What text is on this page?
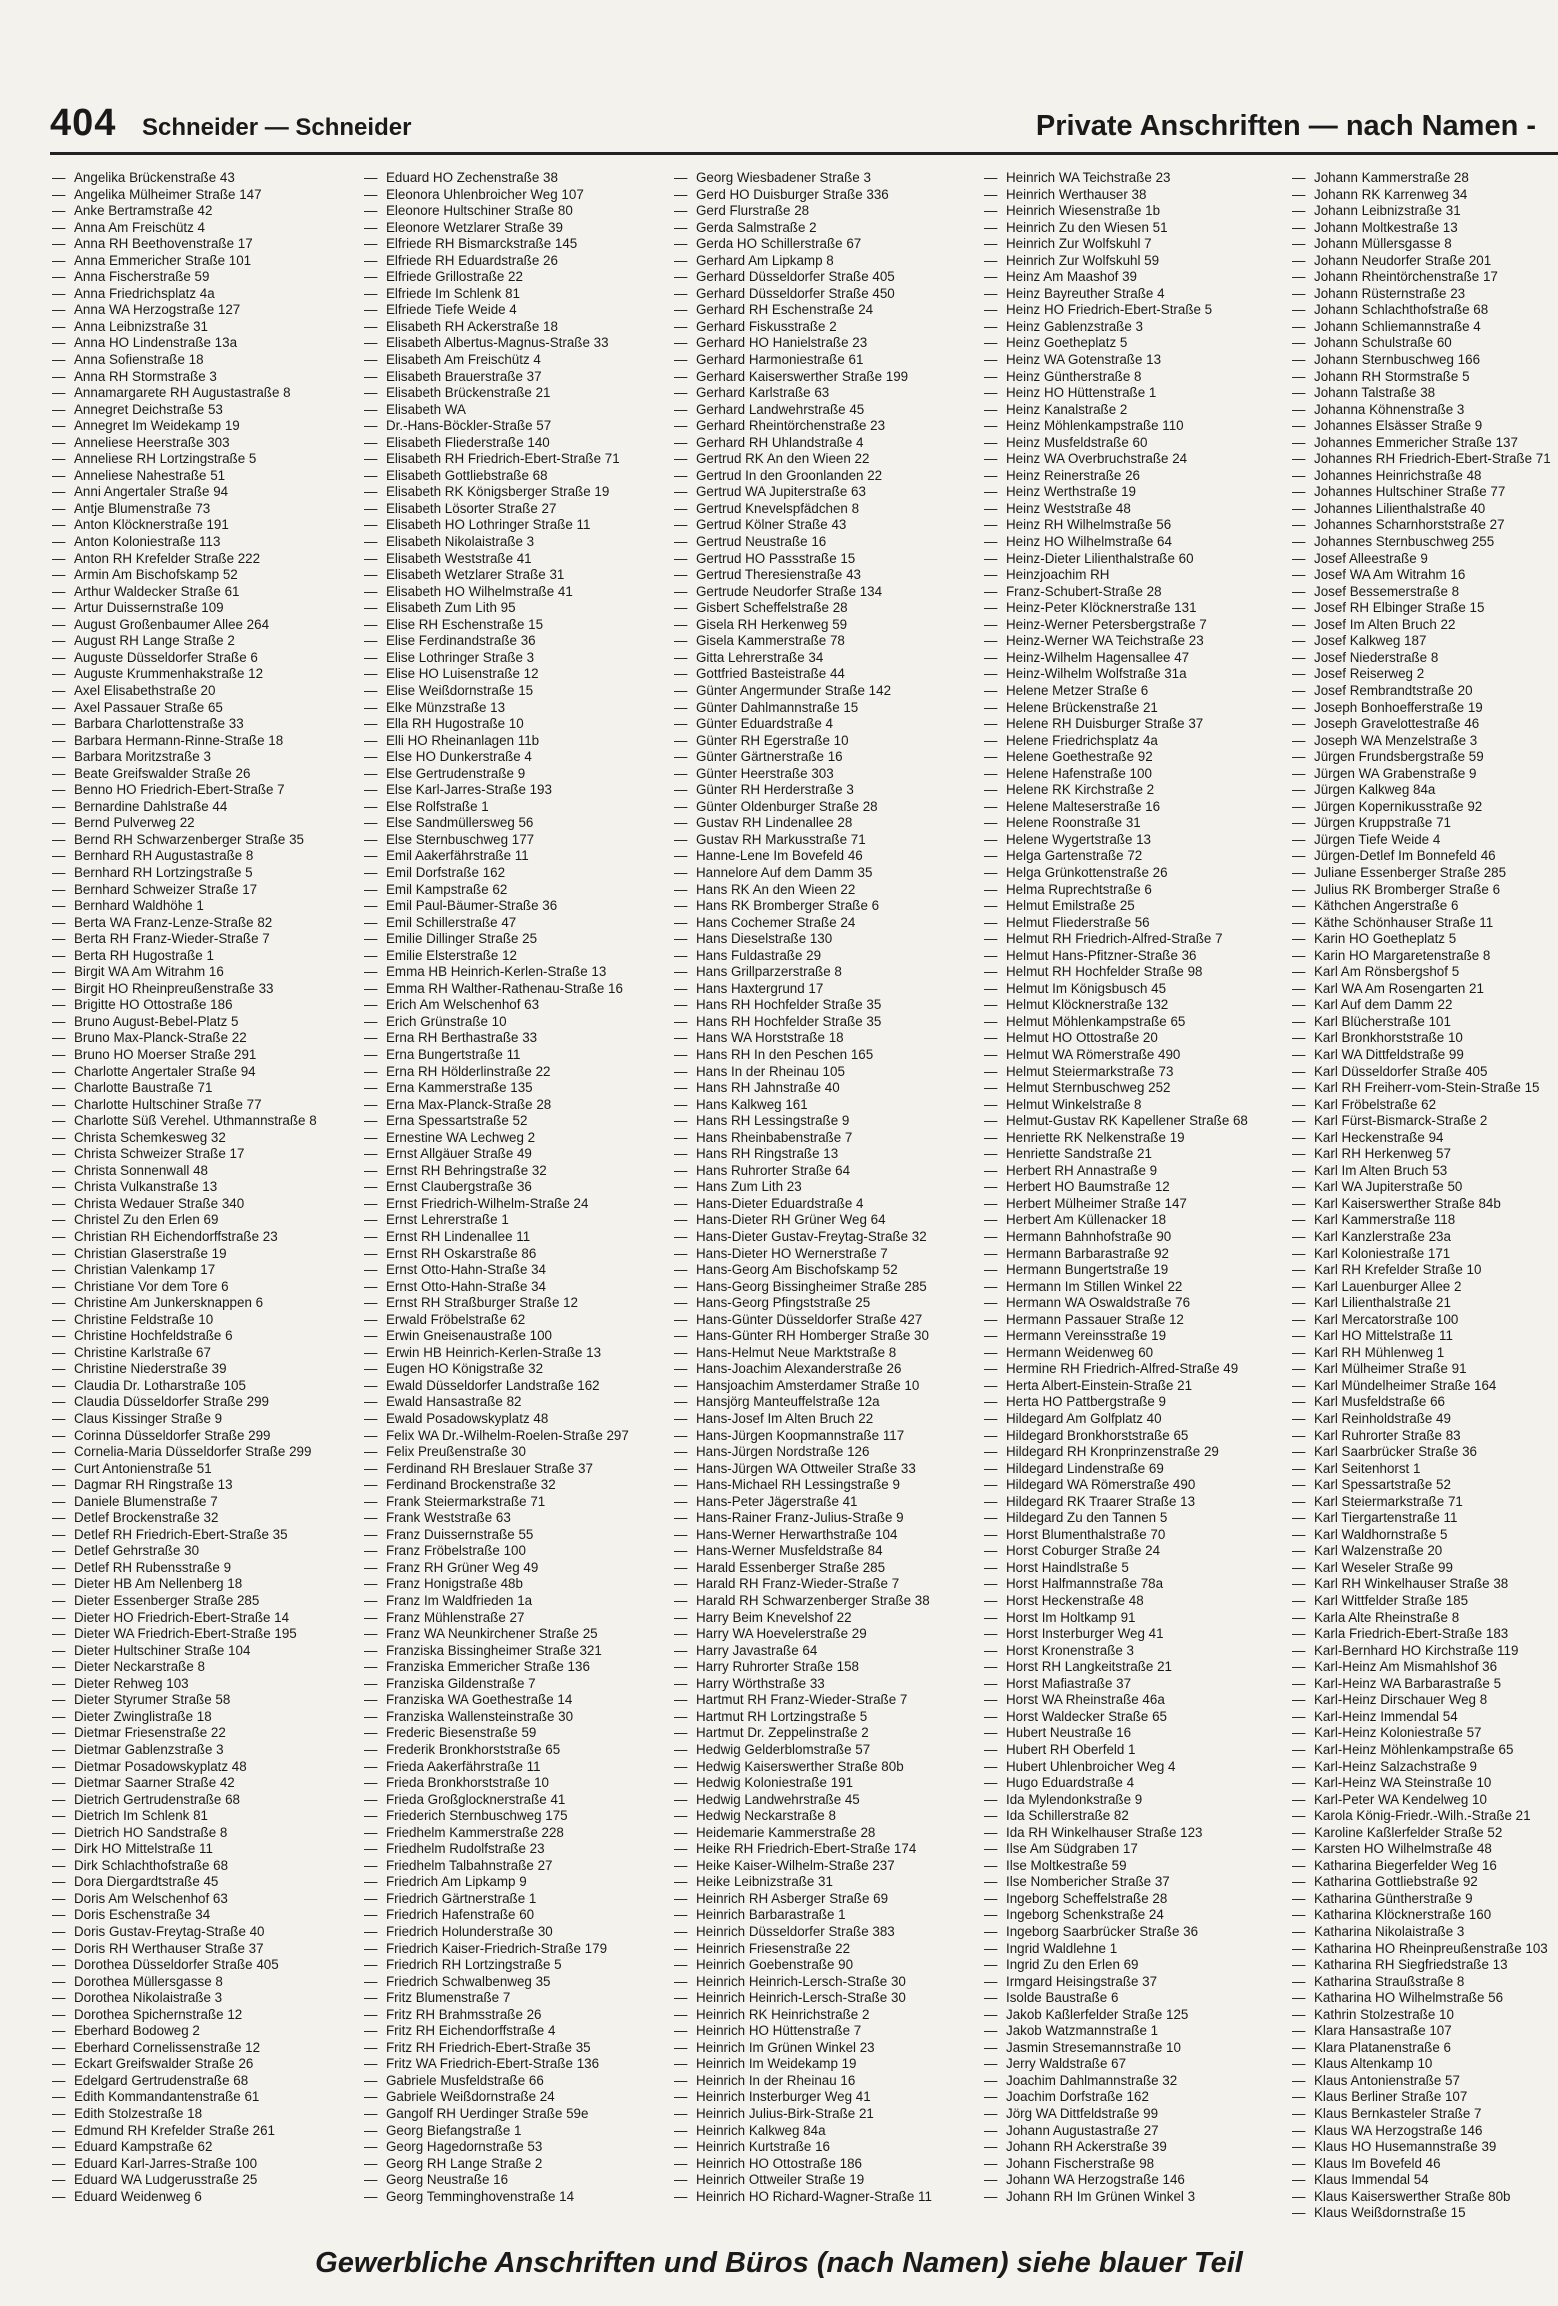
404 Schneider — Schneider	Private Anschriften — nach Namen -
— Angelika Brückenstraße 43
— Angelika Mülheimer Straße 147
— Anke Bertramstraße 42
— Anna Am Freischütz 4
— Anna RH Beethovenstraße 17
— Anna Emmericher Straße 101
— Anna Fischerstraße 59
— Anna Friedrichsplatz 4a
— Anna WA Herzogstraße 127
— Anna Leibnizstraße 31
— Anna HO Lindenstraße 13a
— Anna Sofienstraße 18
— Anna RH Stormstraße 3
— Annamargarete RH Augustastraße 8
— Annegret Deichstraße 53
— Annegret Im Weidekamp 19
— Anneliese Heerstraße 303
— Anneliese RH Lortzingstraße 5
— Anneliese Nahestraße 51
— Anni Angertaler Straße 94
— Antje Blumenstraße 73
— Anton Klöcknerstraße 191
— Anton Koloniestraße 113
— Anton RH Krefelder Straße 222
— Armin Am Bischofskamp 52
— Arthur Waldecker Straße 61
— Artur Duissernstraße 109
— August Großenbaumer Allee 264
— August RH Lange Straße 2
— Auguste Düsseldorfer Straße 6
— Auguste Krummenhakstraße 12
— Axel Elisabethstraße 20
— Axel Passauer Straße 65
— Barbara Charlottenstraße 33
— Barbara Hermann-Rinne-Straße 18
— Barbara Moritzstraße 3
— Beate Greifswalder Straße 26
— Benno HO Friedrich-Ebert-Straße 7
— Bernardine Dahlstraße 44
— Bernd Pulverweg 22
— Bernd RH Schwarzenberger Straße 35
— Bernhard RH Augustastraße 8
— Bernhard RH Lortzingstraße 5
— Bernhard Schweizer Straße 17
— Bernhard Waldhöhe 1
— Berta WA Franz-Lenze-Straße 82
— Berta RH Franz-Wieder-Straße 7
— Berta RH Hugostraße 1
— Birgit WA Am Witrahm 16
— Birgit HO Rheinpreußenstraße 33
— Brigitte HO Ottostraße 186
— Bruno August-Bebel-Platz 5
— Bruno Max-Planck-Straße 22
— Bruno HO Moerser Straße 291
— Charlotte Angertaler Straße 94
— Charlotte Baustraße 71
— Charlotte Hultschiner Straße 77
— Charlotte Süß Verehel. Uthmannstraße 8
— Christa Schemkesweg 32
— Christa Schweizer Straße 17
— Christa Sonnenwall 48
— Christa Vulkanstraße 13
— Christa Wedauer Straße 340
— Christel Zu den Erlen 69
— Christian RH Eichendorffstraße 23
— Christian Glaserstraße 19
— Christian Valenkamp 17
— Christiane Vor dem Tore 6
— Christine Am Junkersknappen 6
— Christine Feldstraße 10
— Christine Hochfeldstraße 6
— Christine Karlstraße 67
— Christine Niederstraße 39
— Claudia Dr. Lotharstraße 105
— Claudia Düsseldorfer Straße 299
— Claus Kissinger Straße 9
— Corinna Düsseldorfer Straße 299
— Cornelia-Maria Düsseldorfer Straße 299
— Curt Antonienstraße 51
— Dagmar RH Ringstraße 13
— Daniele Blumenstraße 7
— Detlef Brockenstraße 32
— Detlef RH Friedrich-Ebert-Straße 35
— Detlef Gehrstraße 30
— Detlef RH Rubensstraße 9
— Dieter HB Am Nellenberg 18
— Dieter Essenberger Straße 285
— Dieter HO Friedrich-Ebert-Straße 14
— Dieter WA Friedrich-Ebert-Straße 195
— Dieter Hultschiner Straße 104
— Dieter Neckarstraße 8
— Dieter Rehweg 103
— Dieter Styrumer Straße 58
— Dieter Zwinglistraße 18
— Dietmar Friesenstraße 22
— Dietmar Gablenzstraße 3
— Dietmar Posadowskyplatz 48
— Dietmar Saarner Straße 42
— Dietrich Gertrudenstraße 68
— Dietrich Im Schlenk 81
— Dietrich HO Sandstraße 8
— Dirk HO Mittelstraße 11
— Dirk Schlachthofstraße 68
— Dora Diergardtstraße 45
— Doris Am Welschenhof 63
— Doris Eschenstraße 34
— Doris Gustav-Freytag-Straße 40
— Doris RH Werthauser Straße 37
— Dorothea Düsseldorfer Straße 405
— Dorothea Müllersgasse 8
— Dorothea Nikolaistraße 3
— Dorothea Spichernstraße 12
— Eberhard Bodoweg 2
— Eberhard Cornelissenstraße 12
— Eckart Greifswalder Straße 26
— Edelgard Gertrudenstraße 68
— Edith Kommandantenstraße 61
— Edith Stolzestraße 18
— Edmund RH Krefelder Straße 261
— Eduard Kampstraße 62
— Eduard Karl-Jarres-Straße 100
— Eduard WA Ludgerusstraße 25
— Eduard Weidenweg 6
— Eduard HO Zechenstraße 38
— Eleonora Uhlenbroicher Weg 107
— Eleonore Hultschiner Straße 80
— Eleonore Wetzlarer Straße 39
— Elfriede RH Bismarckstraße 145
— Elfriede RH Eduardstraße 26
— Elfriede Grillostraße 22
— Elfriede Im Schlenk 81
— Elfriede Tiefe Weide 4
— Elisabeth RH Ackerstraße 18
— Elisabeth Albertus-Magnus-Straße 33
— Elisabeth Am Freischütz 4
— Elisabeth Brauerstraße 37
— Elisabeth Brückenstraße 21
— Elisabeth WA
— Dr.-Hans-Böckler-Straße 57
— Elisabeth Fliederstraße 140
— Elisabeth RH Friedrich-Ebert-Straße 71
— Elisabeth Gottliebstraße 68
— Elisabeth RK Königsberger Straße 19
— Elisabeth Lösorter Straße 27
— Elisabeth HO Lothringer Straße 11
— Elisabeth Nikolaistraße 3
— Elisabeth Weststraße 41
— Elisabeth Wetzlarer Straße 31
— Elisabeth HO Wilhelmstraße 41
— Elisabeth Zum Lith 95
— Elise RH Eschenstraße 15
— Elise Ferdinandstraße 36
— Elise Lothringer Straße 3
— Elise HO Luisenstraße 12
— Elise Weißdornstraße 15
— Elke Münzstraße 13
— Ella RH Hugostraße 10
— Elli HO Rheinanlagen 11b
— Else HO Dunkerstraße 4
— Else Gertrudenstraße 9
— Else Karl-Jarres-Straße 193
— Else Rolfstraße 1
— Else Sandmüllersweg 56
— Else Sternbuschweg 177
— Emil Aakerfährstraße 11
— Emil Dorfstraße 162
— Emil Kampstraße 62
— Emil Paul-Bäumer-Straße 36
— Emil Schillerstraße 47
— Emilie Dillinger Straße 25
— Emilie Elsterstraße 12
— Emma HB Heinrich-Kerlen-Straße 13
— Emma RH Walther-Rathenau-Straße 16
— Erich Am Welschenhof 63
— Erich Grünstraße 10
— Erna RH Berthastraße 33
— Erna Bungertstraße 11
— Erna RH Hölderlinstraße 22
— Erna Kammerstraße 135
— Erna Max-Planck-Straße 28
— Erna Spessartstraße 52
— Ernestine WA Lechweg 2
— Ernst Allgäuer Straße 49
— Ernst RH Behringstraße 32
— Ernst Claubergstraße 36
— Ernst Friedrich-Wilhelm-Straße 24
— Ernst Lehrerstraße 1
— Ernst RH Lindenallee 11
— Ernst RH Oskarstraße 86
— Ernst Otto-Hahn-Straße 34
— Ernst Otto-Hahn-Straße 34
— Ernst RH Straßburger Straße 12
— Erwald Fröbelstraße 62
— Erwin Gneisenaustraße 100
— Erwin HB Heinrich-Kerlen-Straße 13
— Eugen HO Königstraße 32
— Ewald Düsseldorfer Landstraße 162
— Ewald Hansastraße 82
— Ewald Posadowskyplatz 48
— Felix WA Dr.-Wilhelm-Roelen-Straße 297
— Felix Preußenstraße 30
— Ferdinand RH Breslauer Straße 37
— Ferdinand Brockenstraße 32
— Frank Steiermarkstraße 71
— Frank Weststraße 63
— Franz Duissernstraße 55
— Franz Fröbelstraße 100
— Franz RH Grüner Weg 49
— Franz Honigstraße 48b
— Franz Im Waldfrieden 1a
— Franz Mühlenstraße 27
— Franz WA Neunkirchener Straße 25
— Franziska Bissingheimer Straße 321
— Franziska Emmericher Straße 136
— Franziska Gildenstraße 7
— Franziska WA Goethestraße 14
— Franziska Wallensteinstraße 30
— Frederic Biesenstraße 59
— Frederik Bronkhorststraße 65
— Frieda Aakerfährstraße 11
— Frieda Bronkhorststraße 10
— Frieda Großglocknerstraße 41
— Friederich Sternbuschweg 175
— Friedhelm Kammerstraße 228
— Friedhelm Rudolfstraße 23
— Friedhelm Talbahnstraße 27
— Friedrich Am Lipkamp 9
— Friedrich Gärtnerstraße 1
— Friedrich Hafenstraße 60
— Friedrich Holunderstraße 30
— Friedrich Kaiser-Friedrich-Straße 179
— Friedrich RH Lortzingstraße 5
— Friedrich Schwalbenweg 35
— Fritz Blumenstraße 7
— Fritz RH Brahmsstraße 26
— Fritz RH Eichendorffstraße 4
— Fritz RH Friedrich-Ebert-Straße 35
— Fritz WA Friedrich-Ebert-Straße 136
— Gabriele Musfeldstraße 66
— Gabriele Weißdornstraße 24
— Gangolf RH Uerdinger Straße 59e
— Georg Biefangstraße 1
— Georg Hagedornstraße 53
— Georg RH Lange Straße 2
— Georg Neustraße 16
— Georg Temminghovenstraße 14
— Georg Wiesbadener Straße 3
— Gerd HO Duisburger Straße 336
— Gerd Flurstraße 28
— Gerda Salmstraße 2
— Gerda HO Schillerstraße 67
— Gerhard Am Lipkamp 8
— Gerhard Düsseldorfer Straße 405
— Gerhard Düsseldorfer Straße 450
— Gerhard RH Eschenstraße 24
— Gerhard Fiskusstraße 2
— Gerhard HO Hanielstraße 23
— Gerhard Harmoniestraße 61
— Gerhard Kaiserswerther Straße 199
— Gerhard Karlstraße 63
— Gerhard Landwehrstraße 45
— Gerhard Rheintörchenstraße 23
— Gerhard RH Uhlandstraße 4
— Gertrud RK An den Wieen 22
— Gertrud In den Groonlanden 22
— Gertrud WA Jupiterstraße 63
— Gertrud Knevelspfädchen 8
— Gertrud Kölner Straße 43
— Gertrud Neustraße 16
— Gertrud HO Passstraße 15
— Gertrud Theresienstraße 43
— Gertrude Neudorfer Straße 134
— Gisbert Scheffelstraße 28
— Gisela RH Herkenweg 59
— Gisela Kammerstraße 78
— Gitta Lehrerstraße 34
— Gottfried Basteistraße 44
— Günter Angermunder Straße 142
— Günter Dahlmannstraße 15
— Günter Eduardstraße 4
— Günter RH Egerstraße 10
— Günter Gärtnerstraße 16
— Günter Heerstraße 303
— Günter RH Herderstraße 3
— Günter Oldenburger Straße 28
— Gustav RH Lindenallee 28
— Gustav RH Markusstraße 71
— Hanne-Lene Im Bovefeld 46
— Hannelore Auf dem Damm 35
— Hans RK An den Wieen 22
— Hans RK Bromberger Straße 6
— Hans Cochemer Straße 24
— Hans Dieselstraße 130
— Hans Fuldastraße 29
— Hans Grillparzerstraße 8
— Hans Haxtergrund 17
— Hans RH Hochfelder Straße 35
— Hans RH Hochfelder Straße 35
— Hans WA Horststraße 18
— Hans RH In den Peschen 165
— Hans In der Rheinau 105
— Hans RH Jahnstraße 40
— Hans Kalkweg 161
— Hans RH Lessingstraße 9
— Hans Rheinbabenstraße 7
— Hans RH Ringstraße 13
— Hans Ruhrorter Straße 64
— Hans Zum Lith 23
— Hans-Dieter Eduardstraße 4
— Hans-Dieter RH Grüner Weg 64
— Hans-Dieter Gustav-Freytag-Straße 32
— Hans-Dieter HO Wernerstraße 7
— Hans-Georg Am Bischofskamp 52
— Hans-Georg Bissingheimer Straße 285
— Hans-Georg Pfingststraße 25
— Hans-Günter Düsseldorfer Straße 427
— Hans-Günter RH Homberger Straße 30
— Hans-Helmut Neue Marktstraße 8
— Hans-Joachim Alexanderstraße 26
— Hansjoachim Amsterdamer Straße 10
— Hansjörg Manteuffelstraße 12a
— Hans-Josef Im Alten Bruch 22
— Hans-Jürgen Koopmannstraße 117
— Hans-Jürgen Nordstraße 126
— Hans-Jürgen WA Ottweiler Straße 33
— Hans-Michael RH Lessingstraße 9
— Hans-Peter Jägerstraße 41
— Hans-Rainer Franz-Julius-Straße 9
— Hans-Werner Herwarthstraße 104
— Hans-Werner Musfeldstraße 84
— Harald Essenberger Straße 285
— Harald RH Franz-Wieder-Straße 7
— Harald RH Schwarzenberger Straße 38
— Harry Beim Knevelshof 22
— Harry WA Hoevelerstraße 29
— Harry Javastraße 64
— Harry Ruhrorter Straße 158
— Harry Wörthstraße 33
— Hartmut RH Franz-Wieder-Straße 7
— Hartmut RH Lortzingstraße 5
— Hartmut Dr. Zeppelinstraße 2
— Hedwig Gelderblomstraße 57
— Hedwig Kaiserswerther Straße 80b
— Hedwig Koloniestraße 191
— Hedwig Landwehrstraße 45
— Hedwig Neckarstraße 8
— Heidemarie Kammerstraße 28
— Heike RH Friedrich-Ebert-Straße 174
— Heike Kaiser-Wilhelm-Straße 237
— Heike Leibnizstraße 31
— Heinrich RH Asberger Straße 69
— Heinrich Barbarastraße 1
— Heinrich Düsseldorfer Straße 383
— Heinrich Friesenstraße 22
— Heinrich Goebenstraße 90
— Heinrich Heinrich-Lersch-Straße 30
— Heinrich Heinrich-Lersch-Straße 30
— Heinrich RK Heinrichstraße 2
— Heinrich HO Hüttenstraße 7
— Heinrich Im Grünen Winkel 23
— Heinrich Im Weidekamp 19
— Heinrich In der Rheinau 16
— Heinrich Insterburger Weg 41
— Heinrich Julius-Birk-Straße 21
— Heinrich Kalkweg 84a
— Heinrich Kurtstraße 16
— Heinrich HO Ottostraße 186
— Heinrich Ottweiler Straße 19
— Heinrich HO Richard-Wagner-Straße 11
— Heinrich WA Teichstraße 23
— Heinrich Werthauser 38
— Heinrich Wiesenstraße 1b
— Heinrich Zu den Wiesen 51
— Heinrich Zur Wolfskuhl 7
— Heinrich Zur Wolfskuhl 59
— Heinz Am Maashof 39
— Heinz Bayreuther Straße 4
— Heinz HO Friedrich-Ebert-Straße 5
— Heinz Gablenzstraße 3
— Heinz Goetheplatz 5
— Heinz WA Gotenstraße 13
— Heinz Güntherstraße 8
— Heinz HO Hüttenstraße 1
— Heinz Kanalstraße 2
— Heinz Möhlenkampstraße 110
— Heinz Musfeldstraße 60
— Heinz WA Overbruchstraße 24
— Heinz Reinerstraße 26
— Heinz Werthstraße 19
— Heinz Weststraße 48
— Heinz RH Wilhelmstraße 56
— Heinz HO Wilhelmstraße 64
— Heinz-Dieter Lilienthalstraße 60
— Heinzjoachim RH
— Franz-Schubert-Straße 28
— Heinz-Peter Klöcknerstraße 131
— Heinz-Werner Petersbergstraße 7
— Heinz-Werner WA Teichstraße 23
— Heinz-Wilhelm Hagensallee 47
— Heinz-Wilhelm Wolfstraße 31a
— Helene Metzer Straße 6
— Helene Brückenstraße 21
— Helene RH Duisburger Straße 37
— Helene Friedrichsplatz 4a
— Helene Goethestraße 92
— Helene Hafenstraße 100
— Helene RK Kirchstraße 2
— Helene Malteserstraße 16
— Helene Roonstraße 31
— Helene Wygertstraße 13
— Helga Gartenstraße 72
— Helga Grünkottenstraße 26
— Helma Ruprechtstraße 6
— Helmut Emilstraße 25
— Helmut Fliederstraße 56
— Helmut RH Friedrich-Alfred-Straße 7
— Helmut Hans-Pfitzner-Straße 36
— Helmut RH Hochfelder Straße 98
— Helmut Im Königsbusch 45
— Helmut Klöcknerstraße 132
— Helmut Möhlenkampstraße 65
— Helmut HO Ottostraße 20
— Helmut WA Römerstraße 490
— Helmut Steiermarkstraße 73
— Helmut Sternbuschweg 252
— Helmut Winkelstraße 8
— Helmut-Gustav RK Kapellener Straße 68
— Henriette RK Nelkenstraße 19
— Henriette Sandstraße 21
— Herbert RH Annastraße 9
— Herbert HO Baumstraße 12
— Herbert Mülheimer Straße 147
— Herbert Am Küllenacker 18
— Hermann Bahnhofstraße 90
— Hermann Barbarastraße 92
— Hermann Bungertstraße 19
— Hermann Im Stillen Winkel 22
— Hermann WA Oswaldstraße 76
— Hermann Passauer Straße 12
— Hermann Vereinsstraße 19
— Hermann Weidenweg 60
— Hermine RH Friedrich-Alfred-Straße 49
— Herta Albert-Einstein-Straße 21
— Herta HO Pattbergstraße 9
— Hildegard Am Golfplatz 40
— Hildegard Bronkhorststraße 65
— Hildegard RH Kronprinzenstraße 29
— Hildegard Lindenstraße 69
— Hildegard WA Römerstraße 490
— Hildegard RK Traarer Straße 13
— Hildegard Zu den Tannen 5
— Horst Blumenthalstraße 70
— Horst Coburger Straße 24
— Horst Haindlstraße 5
— Horst Halfmannstraße 78a
— Horst Heckenstraße 48
— Horst Im Holtkamp 91
— Horst Insterburger Weg 41
— Horst Kronenstraße 3
— Horst RH Langkeitstraße 21
— Horst Mafiastraße 37
— Horst WA Rheinstraße 46a
— Horst Waldecker Straße 65
— Hubert Neustraße 16
— Hubert RH Oberfeld 1
— Hubert Uhlenbroicher Weg 4
— Hugo Eduardstraße 4
— Ida Mylendonkstraße 9
— Ida Schillerstraße 82
— Ida RH Winkelhauser Straße 123
— Ilse Am Südgraben 17
— Ilse Moltkestraße 59
— Ilse Nombericher Straße 37
— Ingeborg Scheffelstraße 28
— Ingeborg Schenkstraße 24
— Ingeborg Saarbrücker Straße 36
— Ingrid Waldlehne 1
— Ingrid Zu den Erlen 69
— Irmgard Heisingstraße 37
— Isolde Baustraße 6
— Jakob Kaßlerfelder Straße 125
— Jakob Watzmannstraße 1
— Jasmin Stresemannstraße 10
— Jerry Waldstraße 67
— Joachim Dahlmannstraße 32
— Joachim Dorfstraße 162
— Jörg WA Dittfeldstraße 99
— Johann Augustastraße 27
— Johann RH Ackerstraße 39
— Johann Fischerstraße 98
— Johann WA Herzogstraße 146
— Johann RH Im Grünen Winkel 3
— Johann Kammerstraße 28
— Johann RK Karrenweg 34
— Johann Leibnizstraße 31
— Johann Moltkestraße 13
— Johann Müllersgasse 8
— Johann Neudorfer Straße 201
— Johann Rheintörchenstraße 17
— Johann Rüsternstraße 23
— Johann Schlachthofstraße 68
— Johann Schliemannstraße 4
— Johann Schulstraße 60
— Johann Sternbuschweg 166
— Johann RH Stormstraße 5
— Johann Talstraße 38
— Johanna Köhnenstraße 3
— Johannes Elsässer Straße 9
— Johannes Emmericher Straße 137
— Johannes RH Friedrich-Ebert-Straße 71
— Johannes Heinrichstraße 48
— Johannes Hultschiner Straße 77
— Johannes Lilienthalstraße 40
— Johannes Scharnhorststraße 27
— Johannes Sternbuschweg 255
— Josef Alleestraße 9
— Josef WA Am Witrahm 16
— Josef Bessemerstraße 8
— Josef RH Elbinger Straße 15
— Josef Im Alten Bruch 22
— Josef Kalkweg 187
— Josef Niederstraße 8
— Josef Reiserweg 2
— Josef Rembrandtstraße 20
— Joseph Bonhoefferstraße 19
— Joseph Gravelottestraße 46
— Joseph WA Menzelstraße 3
— Jürgen Frundsbergstraße 59
— Jürgen WA Grabenstraße 9
— Jürgen Kalkweg 84a
— Jürgen Kopernikusstraße 92
— Jürgen Kruppstraße 71
— Jürgen Tiefe Weide 4
— Jürgen-Detlef Im Bonnefeld 46
— Juliane Essenberger Straße 285
— Julius RK Bromberger Straße 6
— Käthchen Angerstraße 6
— Käthe Schönhauser Straße 11
— Karin HO Goetheplatz 5
— Karin HO Margaretenstraße 8
— Karl Am Rönsbergshof 5
— Karl WA Am Rosengarten 21
— Karl Auf dem Damm 22
— Karl Blücherstraße 101
— Karl Bronkhorststraße 10
— Karl WA Dittfeldstraße 99
— Karl Düsseldorfer Straße 405
— Karl RH Freiherr-vom-Stein-Straße 15
— Karl Fröbelstraße 62
— Karl Fürst-Bismarck-Straße 2
— Karl Heckenstraße 94
— Karl RH Herkenweg 57
— Karl Im Alten Bruch 53
— Karl WA Jupiterstraße 50
— Karl Kaiserswerther Straße 84b
— Karl Kammerstraße 118
— Karl Kanzlerstraße 23a
— Karl Koloniestraße 171
— Karl RH Krefelder Straße 10
— Karl Lauenburger Allee 2
— Karl Lilienthalstraße 21
— Karl Mercatorstraße 100
— Karl HO Mittelstraße 11
— Karl RH Mühlenweg 1
— Karl Mülheimer Straße 91
— Karl Mündelheimer Straße 164
— Karl Musfeldstraße 66
— Karl Reinholdstraße 49
— Karl Ruhrorter Straße 83
— Karl Saarbrücker Straße 36
— Karl Seitenhorst 1
— Karl Spessartstraße 52
— Karl Steiermarkstraße 71
— Karl Tiergartenstraße 11
— Karl Waldhornstraße 5
— Karl Walzenstraße 20
— Karl Weseler Straße 99
— Karl RH Winkelhauser Straße 38
— Karl Wittfelder Straße 185
— Karla Alte Rheinstraße 8
— Karla Friedrich-Ebert-Straße 183
— Karl-Bernhard HO Kirchstraße 119
— Karl-Heinz Am Mismahlshof 36
— Karl-Heinz WA Barbarastraße 5
— Karl-Heinz Dirschauer Weg 8
— Karl-Heinz Immendal 54
— Karl-Heinz Koloniestraße 57
— Karl-Heinz Möhlenkampstraße 65
— Karl-Heinz Salzachstraße 9
— Karl-Heinz WA Steinstraße 10
— Karl-Peter WA Kendelweg 10
— Karola König-Friedr.-Wilh.-Straße 21
— Karoline Kaßlerfelder Straße 52
— Karsten HO Wilhelmstraße 48
— Katharina Biegerfelder Weg 16
— Katharina Gottliebstraße 92
— Katharina Güntherstraße 9
— Katharina Klöcknerstraße 160
— Katharina Nikolaistraße 3
— Katharina HO Rheinpreußenstraße 103
— Katharina RH Siegfriedstraße 13
— Katharina Straußstraße 8
— Katharina HO Wilhelmstraße 56
— Kathrin Stolzestraße 10
— Klara Hansastraße 107
— Klara Platanenstraße 6
— Klaus Altenkamp 10
— Klaus Antonienstraße 57
— Klaus Berliner Straße 107
— Klaus Bernkasteler Straße 7
— Klaus WA Herzogstraße 146
— Klaus HO Husemannstraße 39
— Klaus Im Bovefeld 46
— Klaus Immendal 54
— Klaus Kaiserswerther Straße 80b
— Klaus Weißdornstraße 15
Gewerbliche Anschriften und Büros (nach Namen) siehe blauer Teil
